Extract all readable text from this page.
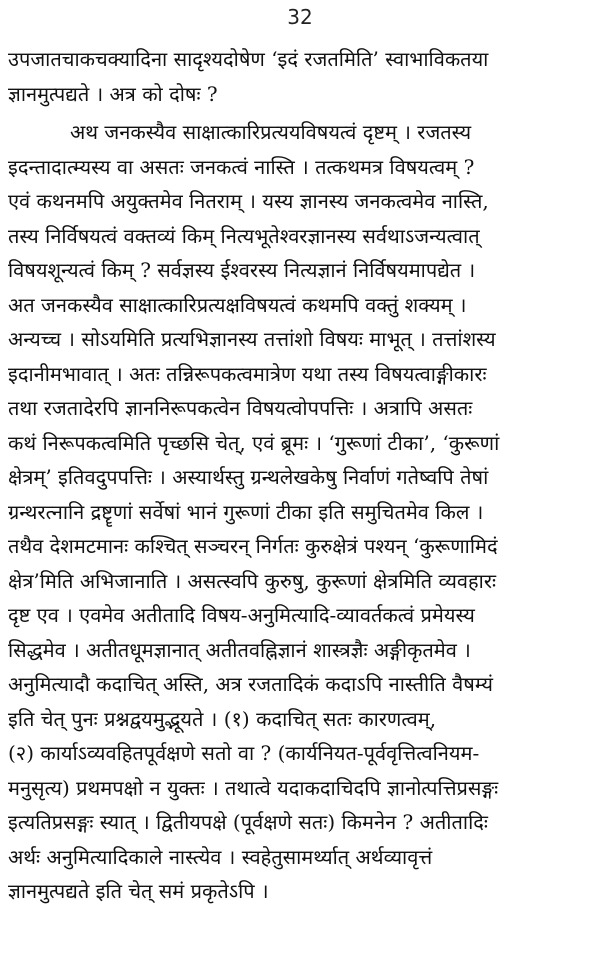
32
उपजातचाकचक्यादिना सादृश्यदोषेण ‘इदं रजतमिति’ स्वाभाविकतया
ज्ञानमुत्पद्यते । अत्र को दोषः ?
अथ जनकस्यैव साक्षात्कारिप्रत्ययविषयत्वं दृष्टम् । रजतस्य
इदन्तादात्म्यस्य वा असतः जनकत्वं नास्ति । तत्कथमत्र विषयत्वम् ?
एवं कथनमपि अयुक्तमेव नितराम् । यस्य ज्ञानस्य जनकत्वमेव नास्ति,
तस्य निर्विषयत्वं वक्तव्यं किम् नित्यभूतेश्वरज्ञानस्य सर्वथाऽजन्यत्वात्
विषयशून्यत्वं किम् ? सर्वज्ञस्य ईश्वरस्य नित्यज्ञानं निर्विषयमापद्येत ।
अत जनकस्यैव साक्षात्कारिप्रत्यक्षविषयत्वं कथमपि वक्तुं शक्यम् ।
अन्यच्च । सोऽयमिति प्रत्यभिज्ञानस्य तत्तांशो विषयः माभूत् । तत्तांशस्य
इदानीमभावात् । अतः तन्निरूपकत्वमात्रेण यथा तस्य विषयत्वाङ्गीकारः
तथा रजतादेरपि ज्ञाननिरूपकत्वेन विषयत्वोपपत्तिः । अत्रापि असतः
कथं निरूपकत्वमिति पृच्छसि चेत्, एवं ब्रूमः । ‘गुरूणां टीका’, ‘कुरूणां
क्षेत्रम्’ इतिवदुपपत्तिः । अस्यार्थस्तु ग्रन्थलेखकेषु निर्वाणं गतेष्वपि तेषां
ग्रन्थरत्नानि द्रष्टॄणां सर्वेषां भानं गुरूणां टीका इति समुचितमेव किल ।
तथैव देशमटमानः कश्चित् सञ्चरन् निर्गतः कुरुक्षेत्रं पश्यन् ‘कुरूणामिदं
क्षेत्र’मिति अभिजानाति । असत्स्वपि कुरुषु, कुरूणां क्षेत्रमिति व्यवहारः
दृष्ट एव । एवमेव अतीतादि विषय-अनुमित्यादि-व्यावर्तकत्वं प्रमेयस्य
सिद्धमेव । अतीतधूमज्ञानात् अतीतवह्निज्ञानं शास्त्रज्ञैः अङ्गीकृतमेव ।
अनुमित्यादौ कदाचित् अस्ति, अत्र रजतादिकं कदाऽपि नास्तीति वैषम्यं
इति चेत् पुनः प्रश्नद्वयमुद्भूयते । (१) कदाचित् सतः कारणत्वम्,
(२) कार्याऽव्यवहितपूर्वक्षणे सतो वा ? (कार्यनियत-पूर्ववृत्तित्वनियम-
मनुसृत्य) प्रथमपक्षो न युक्तः । तथात्वे यदाकदाचिदपि ज्ञानोत्पत्तिप्रसङ्गः
इत्यतिप्रसङ्गः स्यात् । द्वितीयपक्षे (पूर्वक्षणे सतः) किमनेन ? अतीतादिः
अर्थः अनुमित्यादिकाले नास्त्येव । स्वहेतुसामर्थ्यात् अर्थव्यावृत्तं
ज्ञानमुत्पद्यते इति चेत् समं प्रकृतेऽपि ।
